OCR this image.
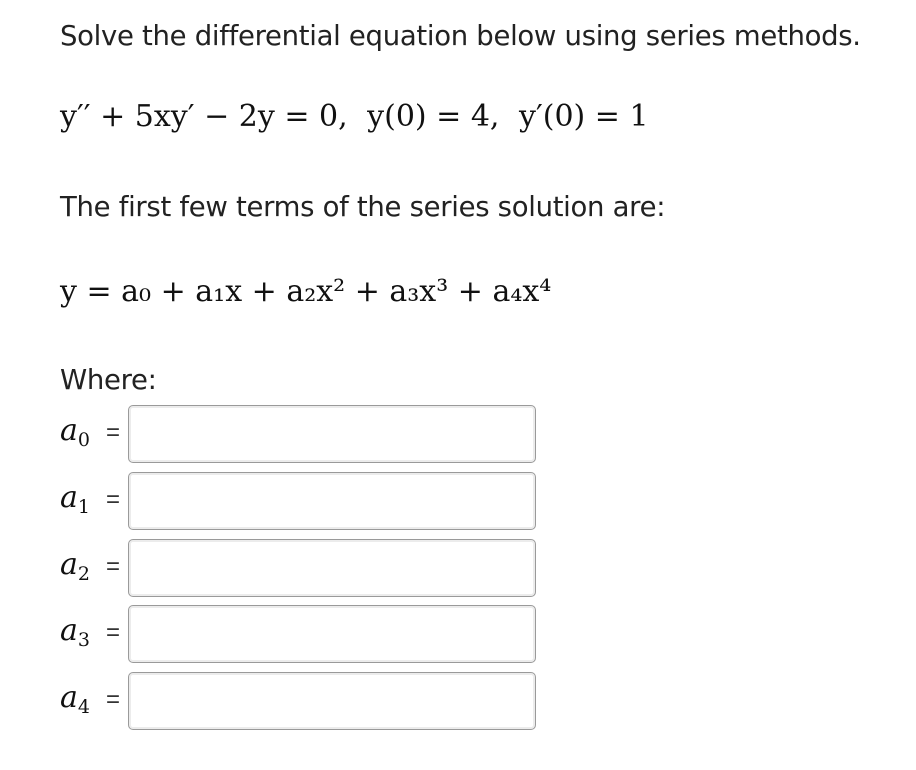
Solve the differential equation below using series methods.
y′′ + 5xy′ − 2y = 0, y(0) = 4, y′(0) = 1
The first few terms of the series solution are:
y = a₀ + a₁x + a₂x² + a₃x³ + a₄x⁴
Where:
$a_0$ =
$a_1$ =
$a_2$ =
$a_3$ =
$a_4$ =
